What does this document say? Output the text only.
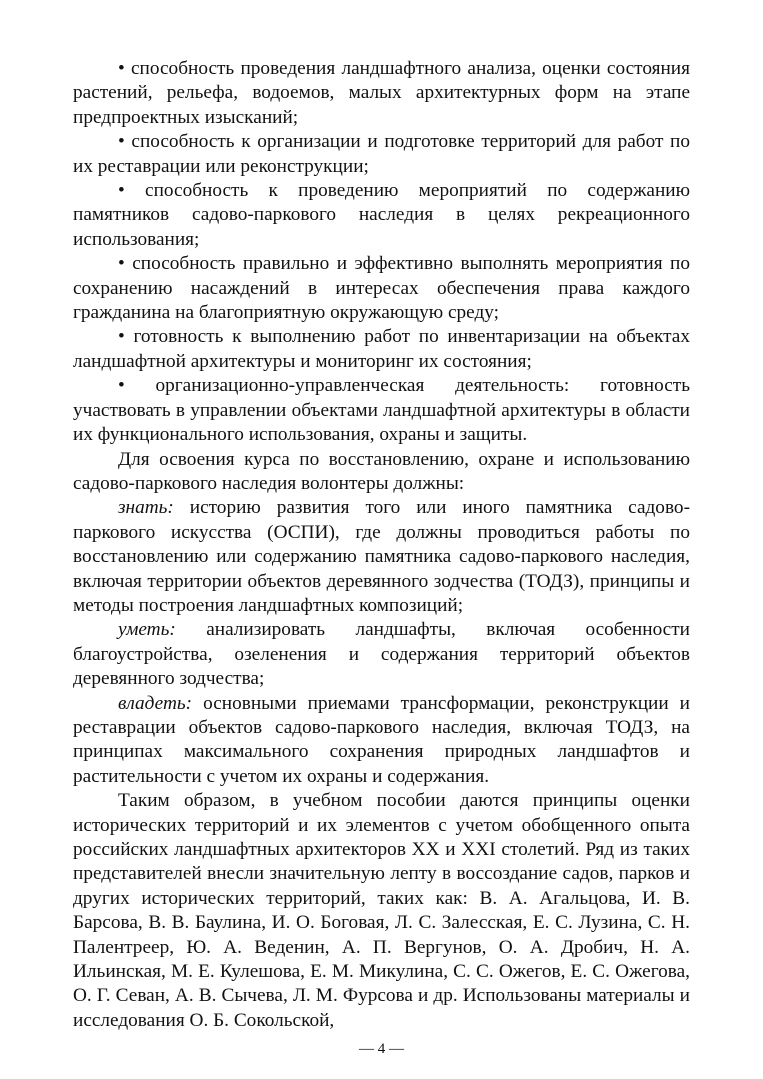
• способность проведения ландшафтного анализа, оценки состояния растений, рельефа, водоемов, малых архитектурных форм на этапе предпроектных изысканий;

• способность к организации и подготовке территорий для работ по их реставрации или реконструкции;

• способность к проведению мероприятий по содержанию памятников садово-паркового наследия в целях рекреационного использования;

• способность правильно и эффективно выполнять мероприятия по сохранению насаждений в интересах обеспечения права каждого гражданина на благоприятную окружающую среду;

• готовность к выполнению работ по инвентаризации на объектах ландшафтной архитектуры и мониторинг их состояния;

• организационно-управленческая деятельность: готовность участвовать в управлении объектами ландшафтной архитектуры в области их функционального использования, охраны и защиты.

Для освоения курса по восстановлению, охране и использованию садово-паркового наследия волонтеры должны:

знать: историю развития того или иного памятника садово-паркового искусства (ОСПИ), где должны проводиться работы по восстановлению или содержанию памятника садово-паркового наследия, включая территории объектов деревянного зодчества (ТОДЗ), принципы и методы построения ландшафтных композиций;

уметь: анализировать ландшафты, включая особенности благоустройства, озеленения и содержания территорий объектов деревянного зодчества;

владеть: основными приемами трансформации, реконструкции и реставрации объектов садово-паркового наследия, включая ТОДЗ, на принципах максимального сохранения природных ландшафтов и растительности с учетом их охраны и содержания.

Таким образом, в учебном пособии даются принципы оценки исторических территорий и их элементов с учетом обобщенного опыта российских ландшафтных архитекторов XX и XXI столетий. Ряд из таких представителей внесли значительную лепту в воссоздание садов, парков и других исторических территорий, таких как: В. А. Агальцова, И. В. Барсова, В. В. Баулина, И. О. Боговая, Л. С. Залесская, Е. С. Лузина, С. Н. Палентреер, Ю. А. Веденин, А. П. Вергунов, О. А. Дробич, Н. А. Ильинская, М. Е. Кулешова, Е. М. Микулина, С. С. Ожегов, Е. С. Ожегова, О. Г. Севан, А. В. Сычева, Л. М. Фурсова и др. Использованы материалы и исследования О. Б. Сокольской,

— 4 —
